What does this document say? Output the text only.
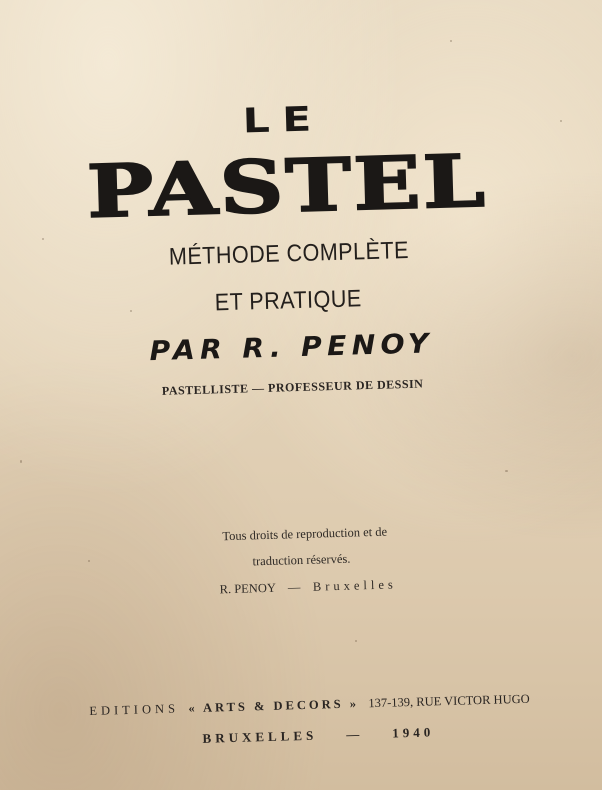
LE
PASTEL
MÉTHODE COMPLÈTE
ET PRATIQUE
PAR R. PENOY
PASTELLISTE — PROFESSEUR DE DESSIN
Tous droits de reproduction et de
traduction réservés.
R. PENOY — Bruxelles
EDITIONS « ARTS & DECORS » 137-139, RUE VICTOR HUGO
BRUXELLES — 1940
